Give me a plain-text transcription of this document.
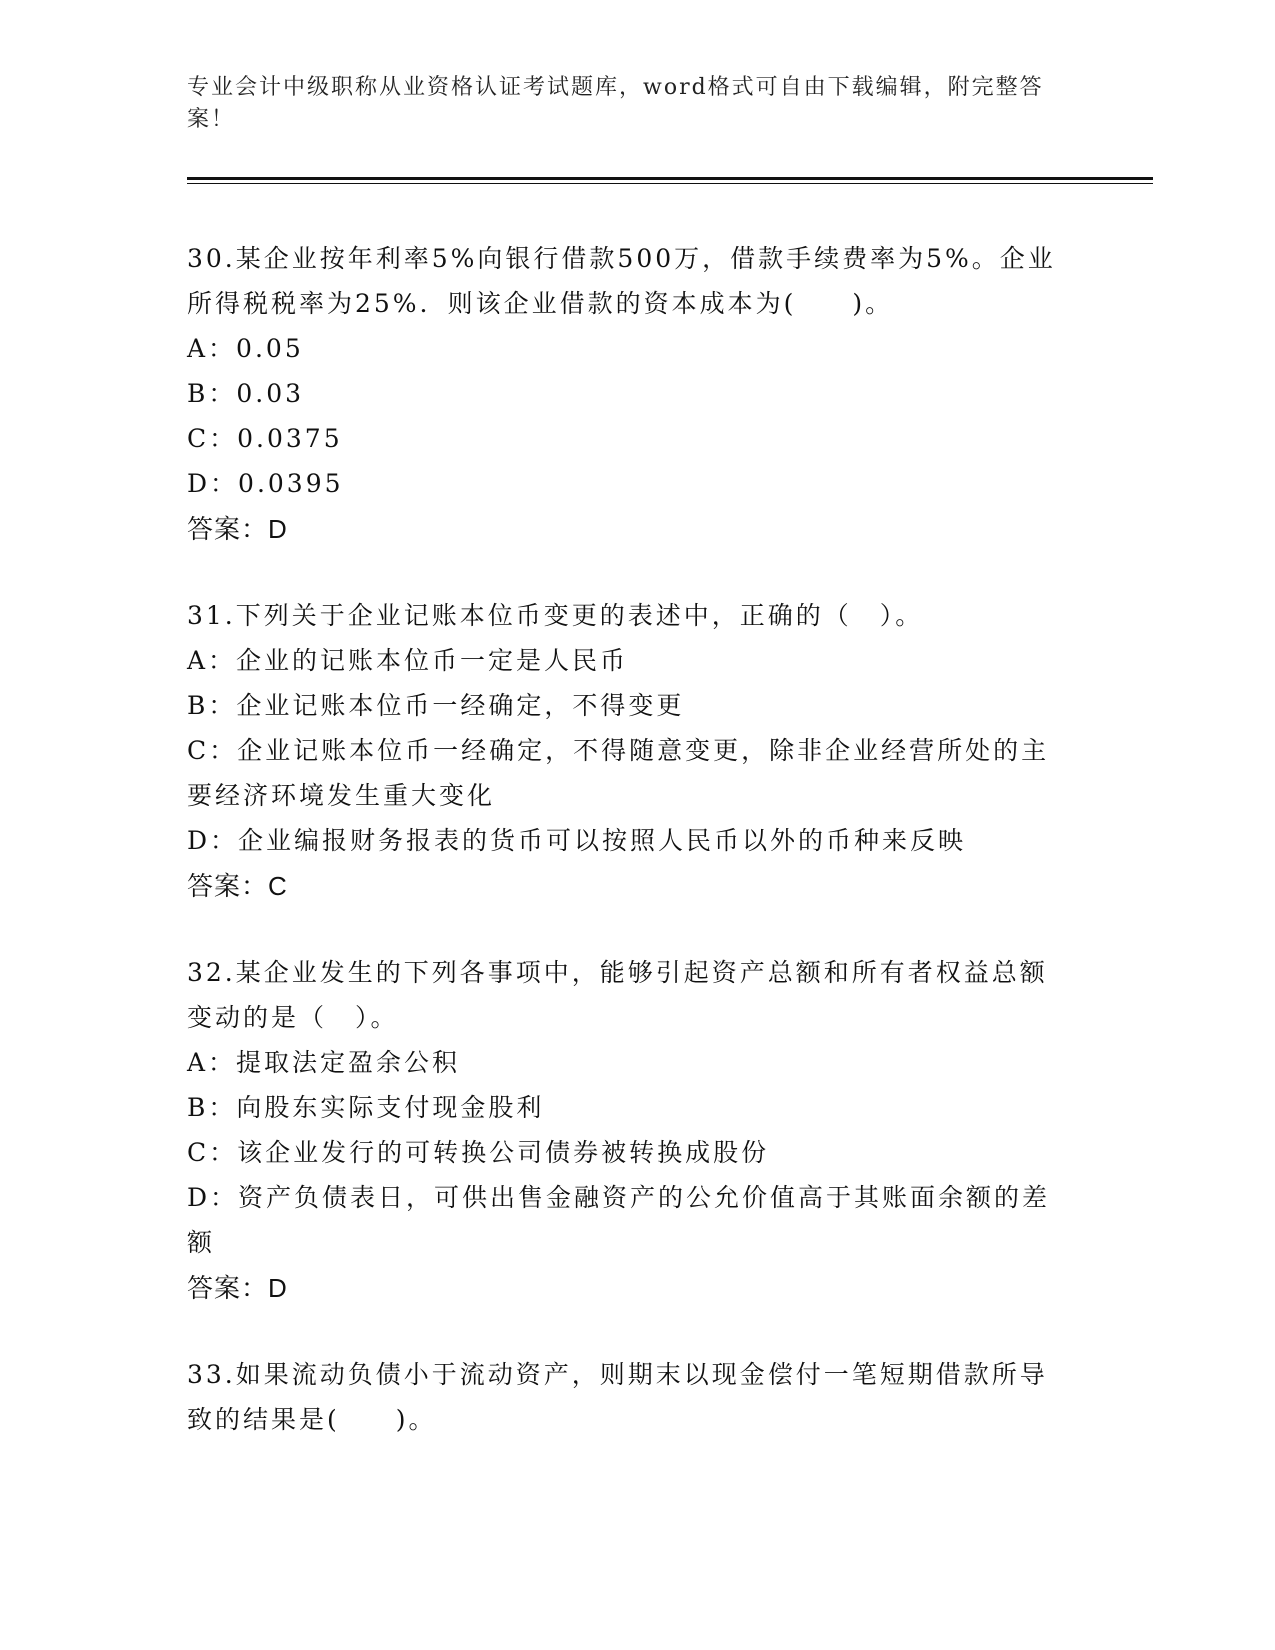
专业会计中级职称从业资格认证考试题库，word格式可自由下载编辑，附完整答案！

30.某企业按年利率5%向银行借款500万，借款手续费率为5%。企业

所得税税率为25%．则该企业借款的资本成本为(　　)。

A：0.05

B：0.03

C：0.0375

D：0.0395

答案：D

31.下列关于企业记账本位币变更的表述中，正确的（　）。

A：企业的记账本位币一定是人民币

B：企业记账本位币一经确定，不得变更

C：企业记账本位币一经确定，不得随意变更，除非企业经营所处的主

要经济环境发生重大变化

D：企业编报财务报表的货币可以按照人民币以外的币种来反映

答案：C

32.某企业发生的下列各事项中，能够引起资产总额和所有者权益总额

变动的是（　）。

A：提取法定盈余公积

B：向股东实际支付现金股利

C：该企业发行的可转换公司债券被转换成股份

D：资产负债表日，可供出售金融资产的公允价值高于其账面余额的差

额

答案：D

33.如果流动负债小于流动资产，则期末以现金偿付一笔短期借款所导

致的结果是(　　)。
